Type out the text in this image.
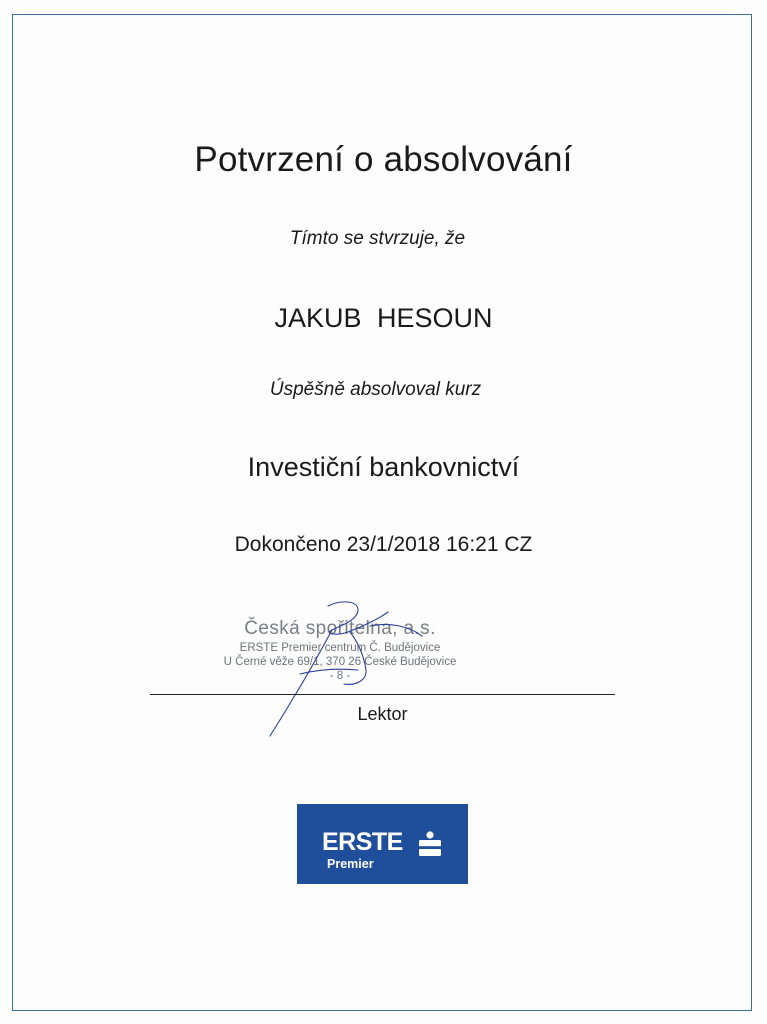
Potvrzení o absolvování
Tímto se stvrzuje, že
JAKUB HESOUN
Úspěšně absolvoval kurz
Investiční bankovnictví
Dokončeno 23/1/2018 16:21 CZ
Česká spořitelna, a.s.
ERSTE Premier centrum Č. Budějovice
U Černé věže 69/1, 370 26 České Budějovice
- 8 -
Lektor
ERSTE
Premier
